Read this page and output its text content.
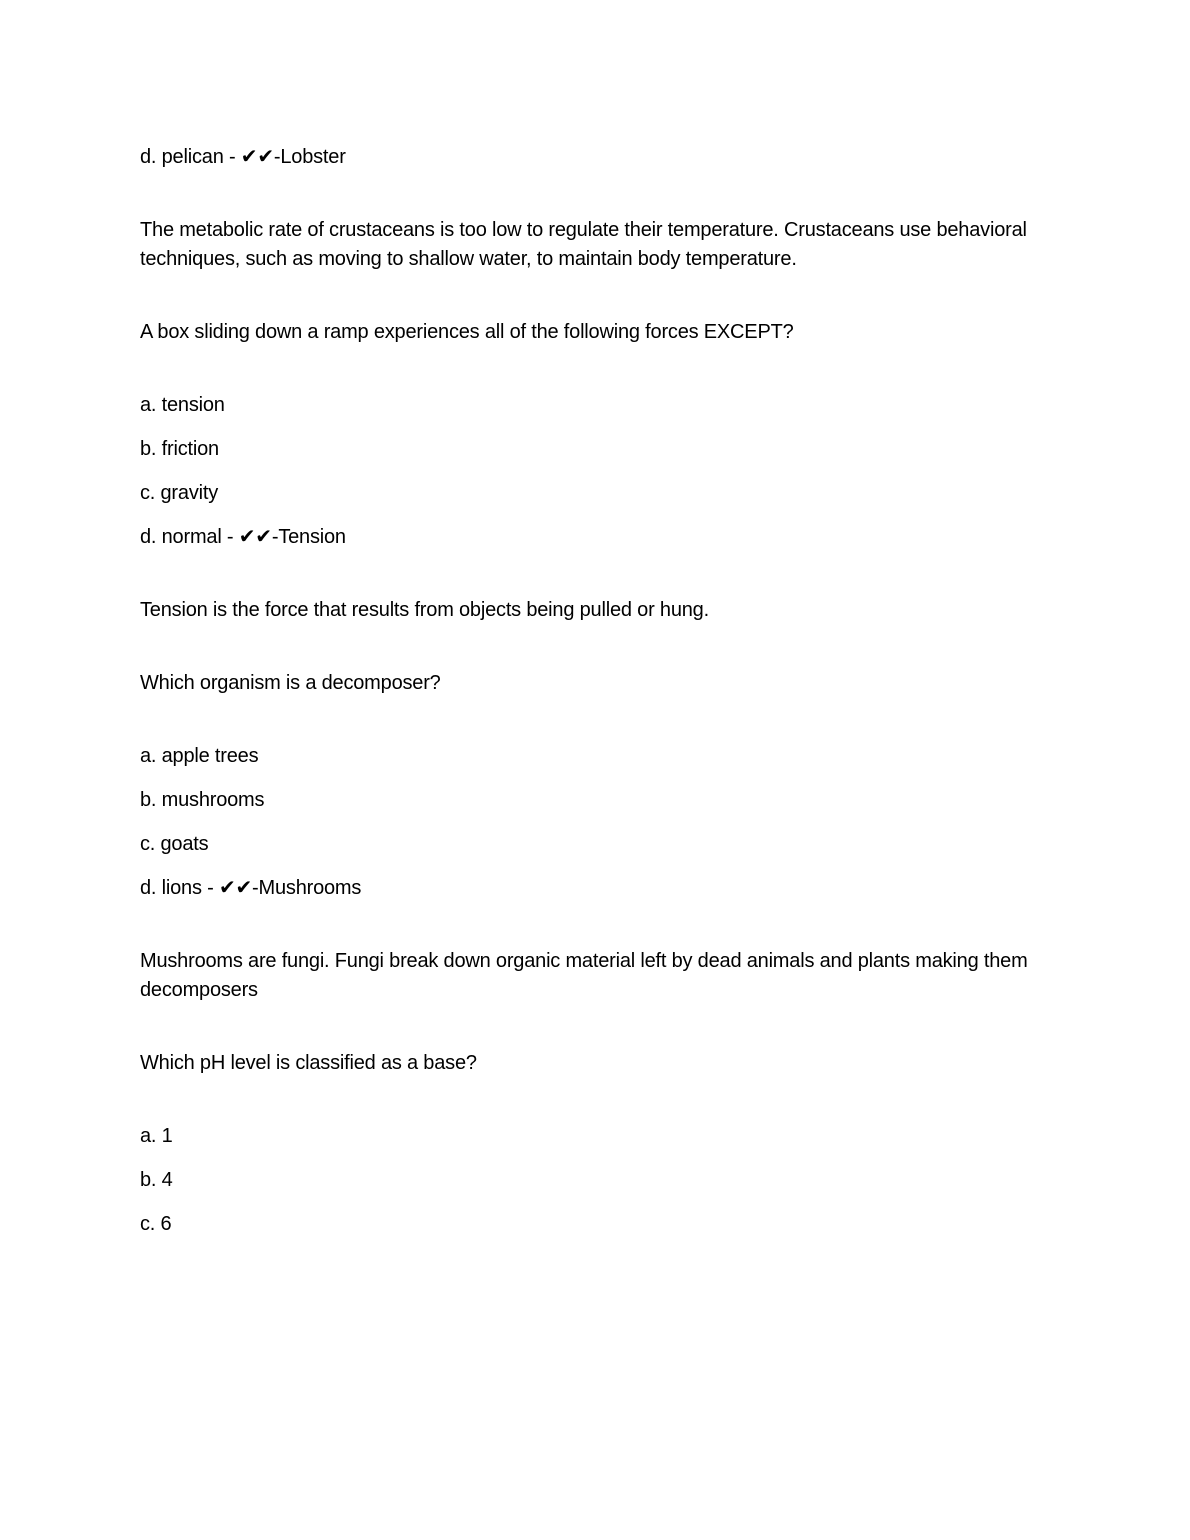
d. pelican - ✔✔-Lobster

The metabolic rate of crustaceans is too low to regulate their temperature. Crustaceans use behavioral techniques, such as moving to shallow water, to maintain body temperature.

A box sliding down a ramp experiences all of the following forces EXCEPT?

a. tension

b. friction

c. gravity

d. normal - ✔✔-Tension

Tension is the force that results from objects being pulled or hung.

Which organism is a decomposer?

a. apple trees

b. mushrooms

c. goats

d. lions - ✔✔-Mushrooms

Mushrooms are fungi. Fungi break down organic material left by dead animals and plants making them decomposers

Which pH level is classified as a base?

a. 1

b. 4

c. 6
